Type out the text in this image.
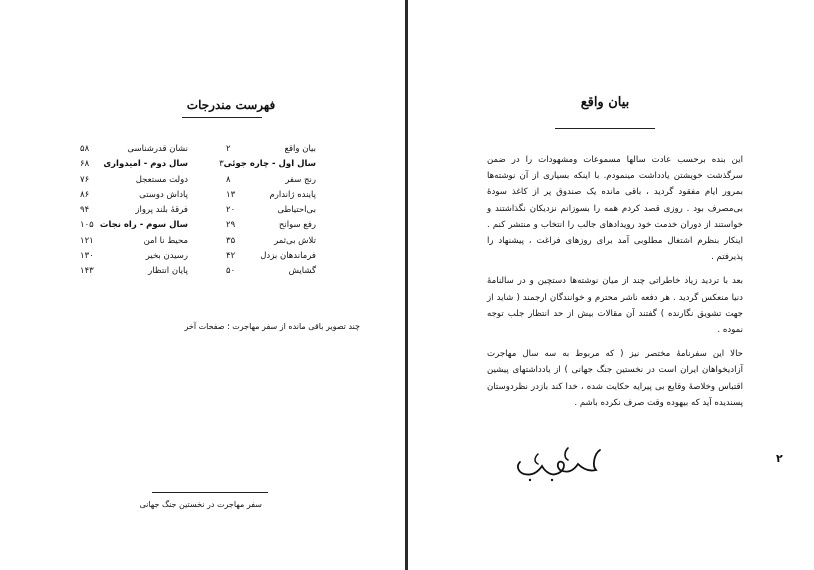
فهرست مندرجات
بیان واقع
۲
سال اول - چاره جوئی
۳
رنج سفر
۸
پاینده ژاندارم
۱۳
بی‌احتیاطی
۲۰
رفع سوانح
۲۹
تلاش بی‌ثمر
۳۵
فرماندهان بزدل
۴۲
گشایش
۵۰
نشان قدرشناسی
۵۸
سال دوم - امیدواری
۶۸
دولت مستعجل
۷۶
پاداش دوستی
۸۶
فرقهٔ بلند پرواز
۹۴
سال سوم - راه نجات
۱۰۵
محیط نا امن
۱۲۱
رسیدن بخیر
۱۳۰
پایان انتظار
۱۴۳
چند تصویر باقی مانده از سفر مهاجرت ؛ صفحات آخر
سفر مهاجرت در نخستین جنگ جهانی
بیان واقع

این بنده برحسب عادت سالها مسموعات ومشهودات را در ضمن سرگذشت خویشتن یادداشت مینمودم. با اینکه بسیاری از آن نوشته‌ها بمرور ایام مفقود گردید ، باقی مانده یک صندوق پر از کاغذ سودهٔ بی‌مصرف بود . روزی قصد کردم همه را بسوزانم نزدیکان نگذاشتند و خواستند از دوران خدمت خود رویدادهای جالب را انتخاب و منتشر کنم . اینکار بنظرم اشتغال مطلوبی آمد برای روزهای فراغت ، پیشنهاد را پذیرفتم .

بعد با تردید زیاد خاطراتی چند از میان نوشته‌ها دستچین و در سالنامهٔ دنیا منعکس گردید . هر دفعه ناشر محترم و خوانندگان ارجمند ( شاید از جهت تشویق نگارنده ) گفتند آن مقالات بیش از حد انتظار جلب توجه نموده .

حالا این سفرنامهٔ مختصر نیز ( که مربوط به سه سال مهاجرت آزادیخواهان ایران است در نخستین جنگ جهانی ) از یادداشتهای پیشین اقتباس وخلاصهٔ وقایع بی پیرایه حکایت شده ، خدا کند بازدر نظردوستان پسندیده آید که بیهوده وقت صرف نکرده باشم .

۲
